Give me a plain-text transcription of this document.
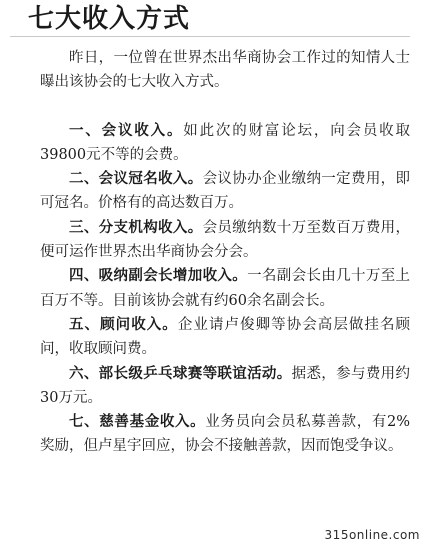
七大收入方式

昨日，一位曾在世界杰出华商协会工作过的知情人士曝出该协会的七大收入方式。

一、会议收入。如此次的财富论坛，向会员收取39800元不等的会费。

二、会议冠名收入。会议协办企业缴纳一定费用，即可冠名。价格有的高达数百万。

三、分支机构收入。会员缴纳数十万至数百万费用，便可运作世界杰出华商协会分会。

四、吸纳副会长增加收入。一名副会长由几十万至上百万不等。目前该协会就有约60余名副会长。

五、顾问收入。企业请卢俊卿等协会高层做挂名顾问，收取顾问费。

六、部长级乒乓球赛等联谊活动。据悉，参与费用约30万元。

七、慈善基金收入。业务员向会员私募善款，有2%奖励，但卢星宇回应，协会不接触善款，因而饱受争议。

315online.com
